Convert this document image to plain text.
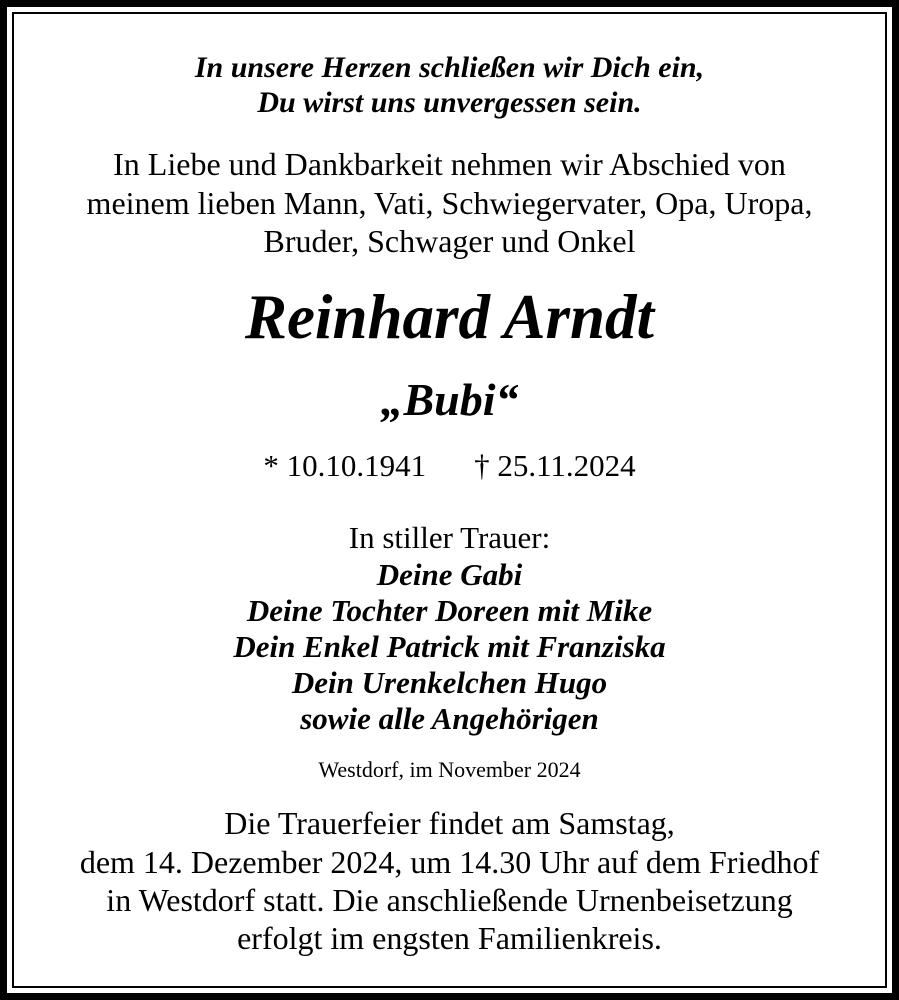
In unsere Herzen schließen wir Dich ein,
Du wirst uns unvergessen sein.
In Liebe und Dankbarkeit nehmen wir Abschied von
meinem lieben Mann, Vati, Schwiegervater, Opa, Uropa,
Bruder, Schwager und Onkel
Reinhard Arndt
„Bubi“
* 10.10.1941 † 25.11.2024
In stiller Trauer:
Deine Gabi
Deine Tochter Doreen mit Mike
Dein Enkel Patrick mit Franziska
Dein Urenkelchen Hugo
sowie alle Angehörigen
Westdorf, im November 2024
Die Trauerfeier findet am Samstag,
dem 14. Dezember 2024, um 14.30 Uhr auf dem Friedhof
in Westdorf statt. Die anschließende Urnenbeisetzung
erfolgt im engsten Familienkreis.
